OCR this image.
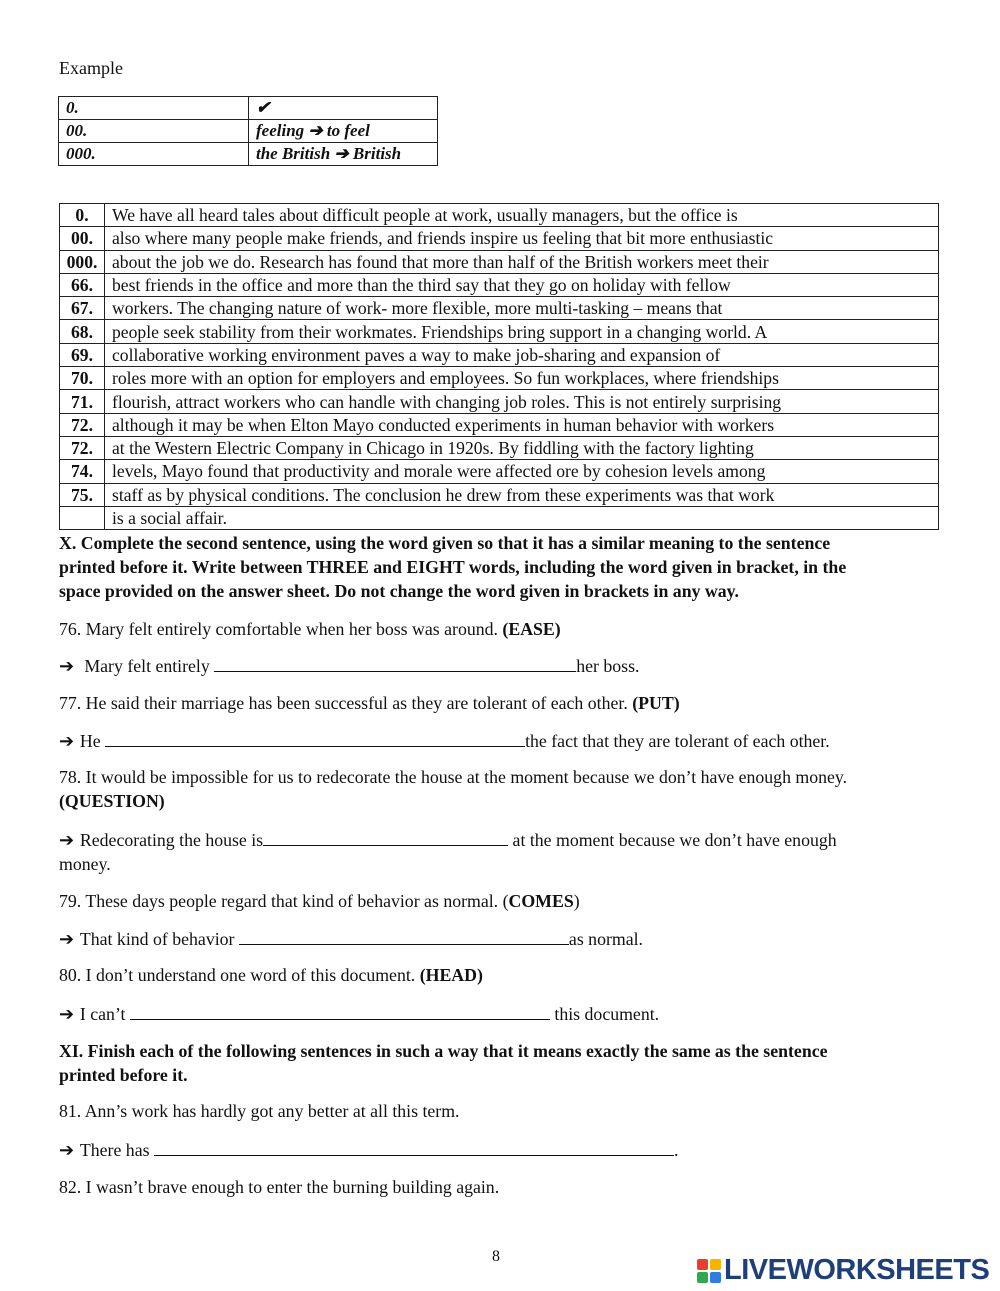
Example
0.	✔
00.	feeling ➔ to feel
000.	the British ➔ British
0.	We have all heard tales about difficult people at work, usually managers, but the office is
00.	also where many people make friends, and friends inspire us feeling that bit more enthusiastic
000.	about the job we do. Research has found that more than half of the British workers meet their
66.	best friends in the office and more than the third say that they go on holiday with fellow
67.	workers. The changing nature of work- more flexible, more multi-tasking – means that
68.	people seek stability from their workmates. Friendships bring support in a changing world. A
69.	collaborative working environment paves a way to make job-sharing and expansion of
70.	roles more with an option for employers and employees. So fun workplaces, where friendships
71.	flourish, attract workers who can handle with changing job roles. This is not entirely surprising
72.	although it may be when Elton Mayo conducted experiments in human behavior with workers
72.	at the Western Electric Company in Chicago in 1920s. By fiddling with the factory lighting
74.	levels, Mayo found that productivity and morale were affected ore by cohesion levels among
75.	staff as by physical conditions. The conclusion he drew from these experiments was that work
	is a social affair.
X. Complete the second sentence, using the word given so that it has a similar meaning to the sentence
printed before it. Write between THREE and EIGHT words, including the word given in bracket, in the
space provided on the answer sheet. Do not change the word given in brackets in any way.
76. Mary felt entirely comfortable when her boss was around. (EASE)
➔ Mary felt entirely	her boss.
77. He said their marriage has been successful as they are tolerant of each other. (PUT)
➔ He	the fact that they are tolerant of each other.
78. It would be impossible for us to redecorate the house at the moment because we don’t have enough money.
(QUESTION)
➔ Redecorating the house is	at the moment because we don’t have enough
money.
79. These days people regard that kind of behavior as normal. (COMES)
➔ That kind of behavior	as normal.
80. I don’t understand one word of this document. (HEAD)
➔ I can’t	this document.
XI. Finish each of the following sentences in such a way that it means exactly the same as the sentence
printed before it.
81. Ann’s work has hardly got any better at all this term.
➔ There has	.
82. I wasn’t brave enough to enter the burning building again.
8	LIVEWORKSHEETS
